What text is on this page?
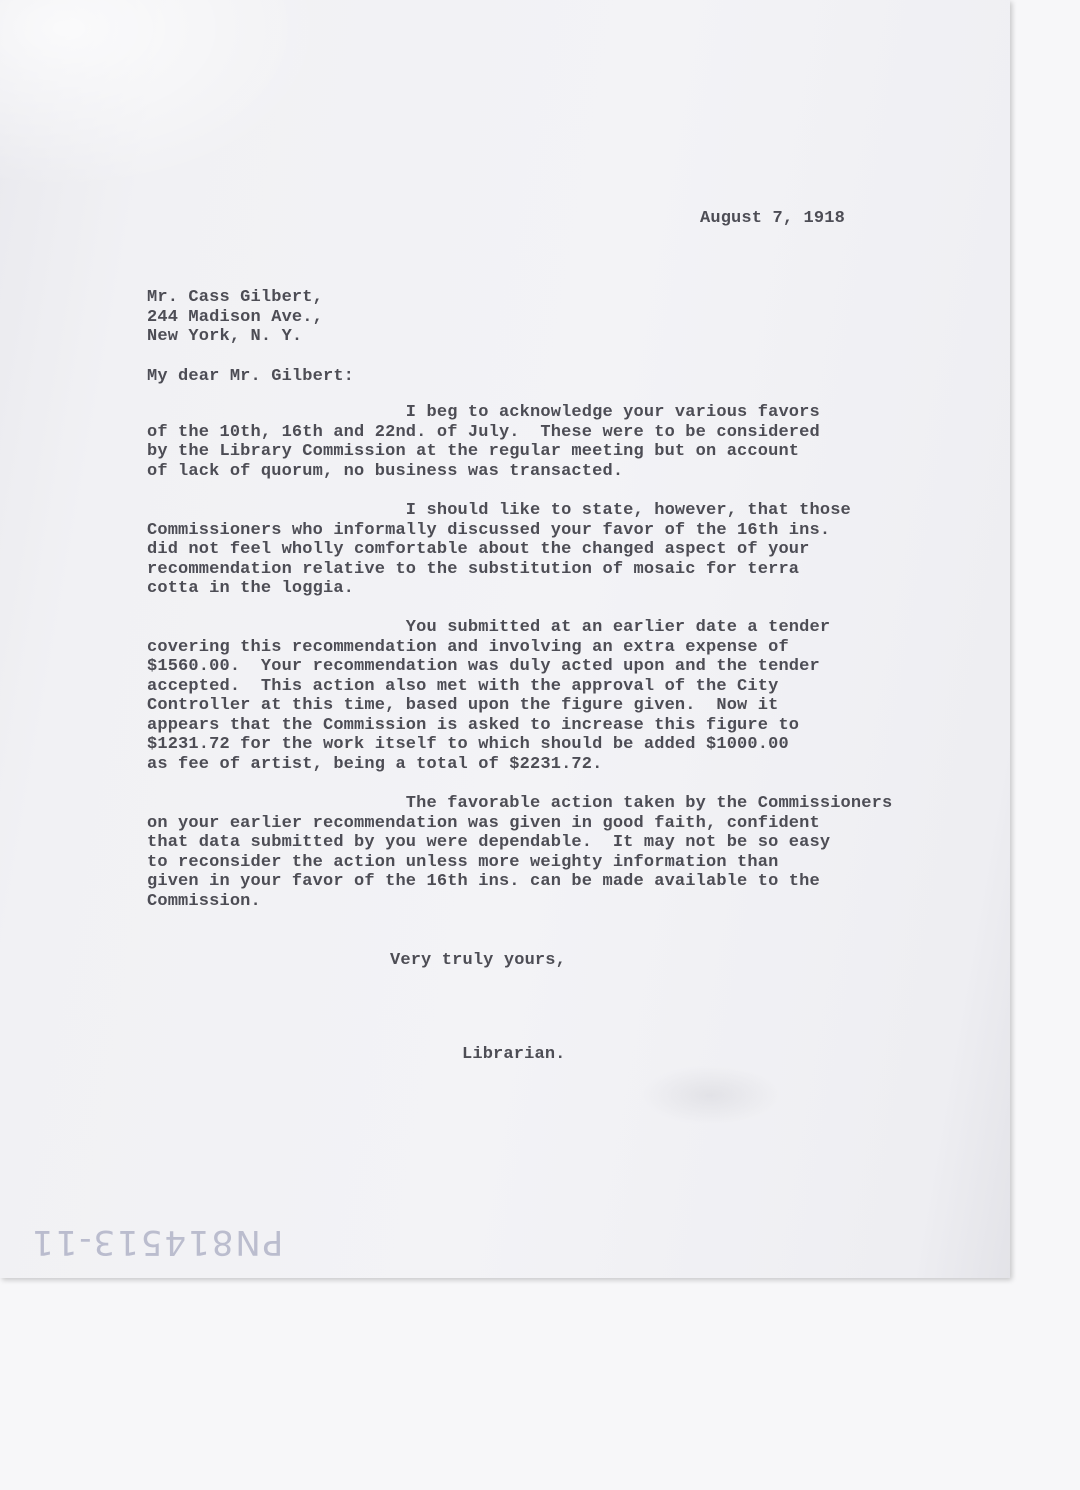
August 7, 1918
Mr. Cass Gilbert,
244 Madison Ave.,
New York, N. Y.
My dear Mr. Gilbert:
I beg to acknowledge your various favors
of the 10th, 16th and 22nd. of July.  These were to be considered
by the Library Commission at the regular meeting but on account
of lack of quorum, no business was transacted.
I should like to state, however, that those
Commissioners who informally discussed your favor of the 16th ins.
did not feel wholly comfortable about the changed aspect of your
recommendation relative to the substitution of mosaic for terra
cotta in the loggia.
You submitted at an earlier date a tender
covering this recommendation and involving an extra expense of
$1560.00.  Your recommendation was duly acted upon and the tender
accepted.  This action also met with the approval of the City
Controller at this time, based upon the figure given.  Now it
appears that the Commission is asked to increase this figure to
$1231.72 for the work itself to which should be added $1000.00
as fee of artist, being a total of $2231.72.
The favorable action taken by the Commissioners
on your earlier recommendation was given in good faith, confident
that data submitted by you were dependable.  It may not be so easy
to reconsider the action unless more weighty information than
given in your favor of the 16th ins. can be made available to the
Commission.
Very truly yours,
Librarian.
PN814513-11
